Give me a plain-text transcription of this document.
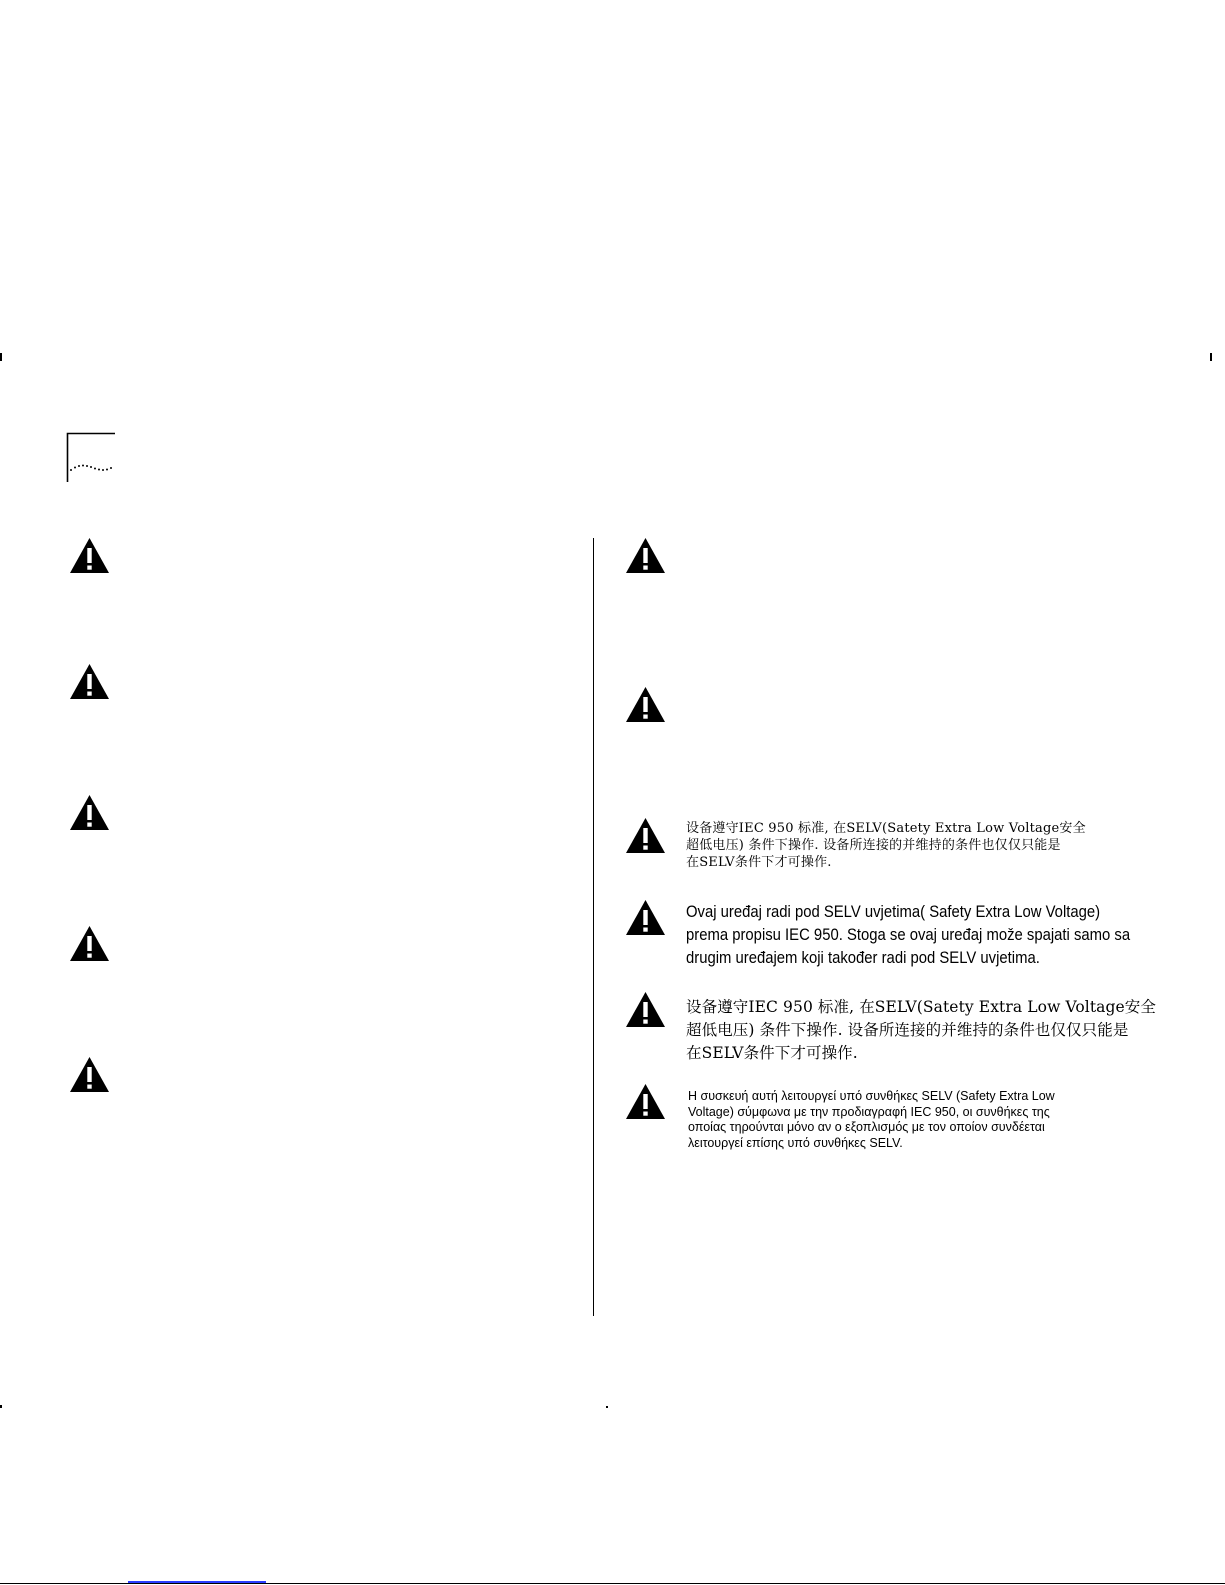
设备遵守IEC 950 标准, 在SELV(Satety Extra Low Voltage安全
超低电压) 条件下操作. 设备所连接的并维持的条件也仅仅只能是
在SELV条件下才可操作.

Ovaj uređaj radi pod SELV uvjetima( Safety Extra Low Voltage)
prema propisu IEC 950. Stoga se ovaj uređaj može spajati samo sa
drugim uređajem koji također radi pod SELV uvjetima.

设备遵守IEC 950 标准, 在SELV(Satety Extra Low Voltage安全
超低电压) 条件下操作. 设备所连接的并维持的条件也仅仅只能是
在SELV条件下才可操作.

Η συσκευή αυτή λειτουργεί υπό συνθήκες SELV (Safety Extra Low
Voltage) σύμφωνα με την προδιαγραφή IEC 950, οι συνθήκες της
οποίας τηρούνται μόνο αν ο εξοπλισμός με τον οποίον συνδέεται
λειτουργεί επίσης υπό συνθήκες SELV.
